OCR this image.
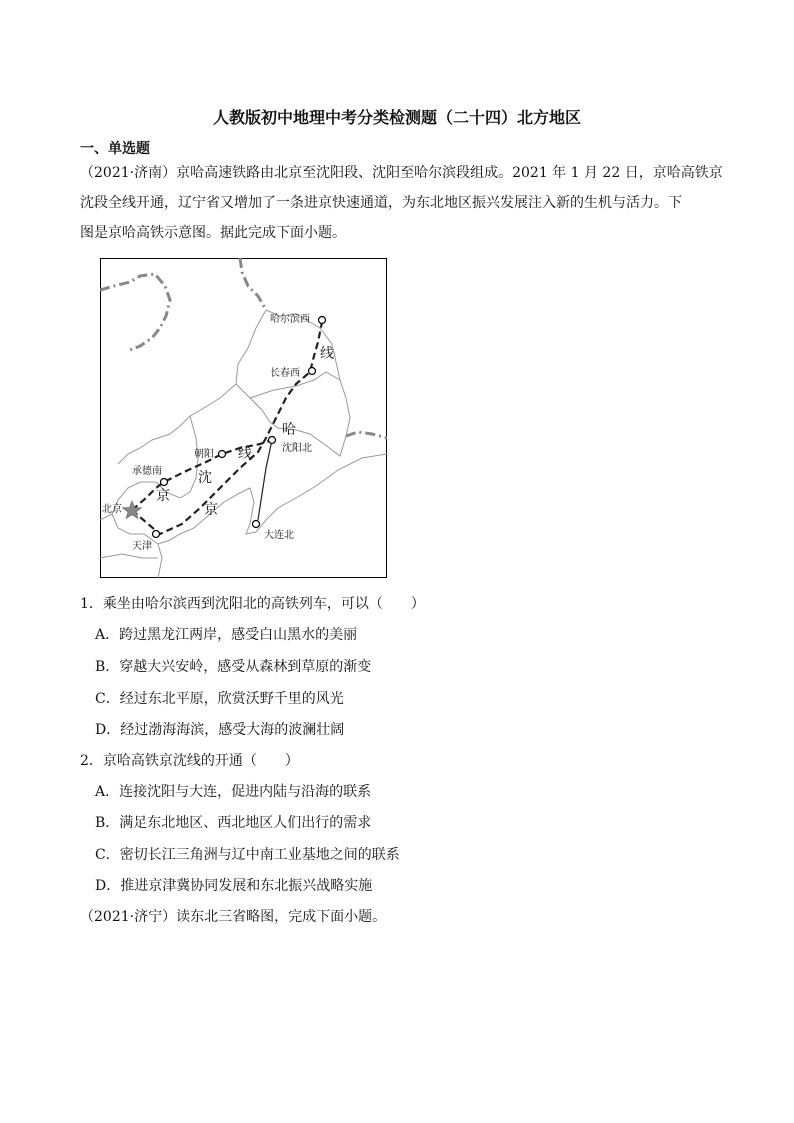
人教版初中地理中考分类检测题（二十四）北方地区
一、单选题
（2021·济南）京哈高速铁路由北京至沈阳段、沈阳至哈尔滨段组成。2021 年 1 月 22 日，京哈高铁京
沈段全线开通，辽宁省又增加了一条进京快速通道，为东北地区振兴发展注入新的生机与活力。下
图是京哈高铁示意图。据此完成下面小题。
哈尔滨西
长春西
沈阳北
朝阳
承德南
北京
天津
大连北
线
哈
线
沈
京
京
1．乘坐由哈尔滨西到沈阳北的高铁列车，可以（　　）
A．跨过黑龙江两岸，感受白山黑水的美丽
B．穿越大兴安岭，感受从森林到草原的渐变
C．经过东北平原，欣赏沃野千里的风光
D．经过渤海海滨，感受大海的波澜壮阔
2．京哈高铁京沈线的开通（　　）
A．连接沈阳与大连，促进内陆与沿海的联系
B．满足东北地区、西北地区人们出行的需求
C．密切长江三角洲与辽中南工业基地之间的联系
D．推进京津冀协同发展和东北振兴战略实施
（2021·济宁）读东北三省略图，完成下面小题。
